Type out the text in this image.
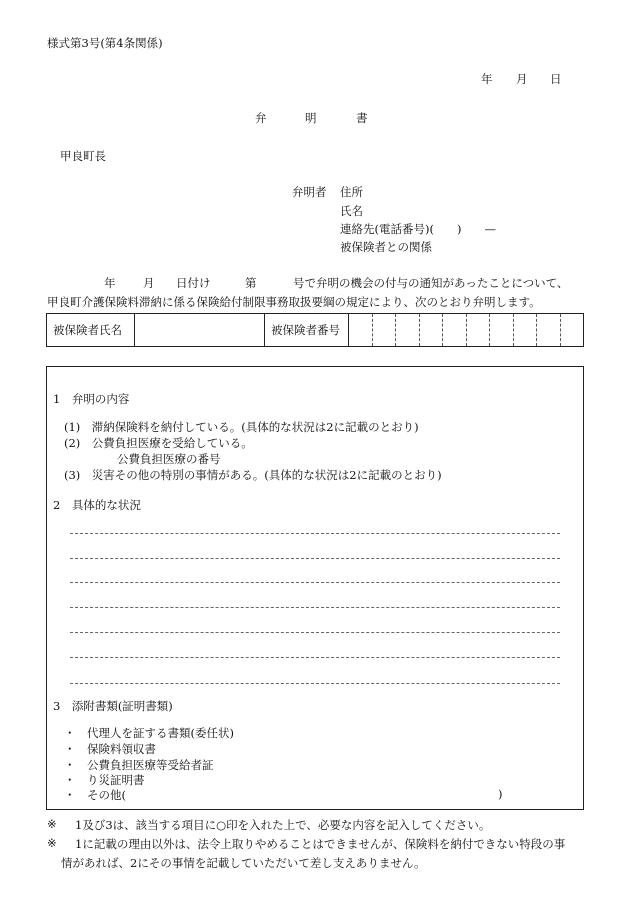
様式第3号(第4条関係)
年 月 日
弁	明	書
甲良町長
弁明者 住所
氏名
連絡先(電話番号)(　　)　　—
被保険者との関係
年 月 日付け	第	号で弁明の機会の付与の通知があったことについて、
甲良町介護保険料滞納に係る保険給付制限事務取扱要綱の規定により、次のとおり弁明します。
被保険者氏名		被保険者番号										
1　弁明の内容
(1)　滞納保険料を納付している。(具体的な状況は2に記載のとおり)
(2)　公費負担医療を受給している。
公費負担医療の番号
(3)　災害その他の特別の事情がある。(具体的な状況は2に記載のとおり)
2　具体的な状況
3　添附書類(証明書類)
・　代理人を証する書類(委任状)
・　保険料領収書
・　公費負担医療等受給者証
・　り災証明書
・　その他(	)
※ 1及び3は、該当する項目に○印を入れた上で、必要な内容を記入してください。
※ 1に記載の理由以外は、法令上取りやめることはできませんが、保険料を納付できない特段の事
情があれば、2にその事情を記載していただいて差し支えありません。
